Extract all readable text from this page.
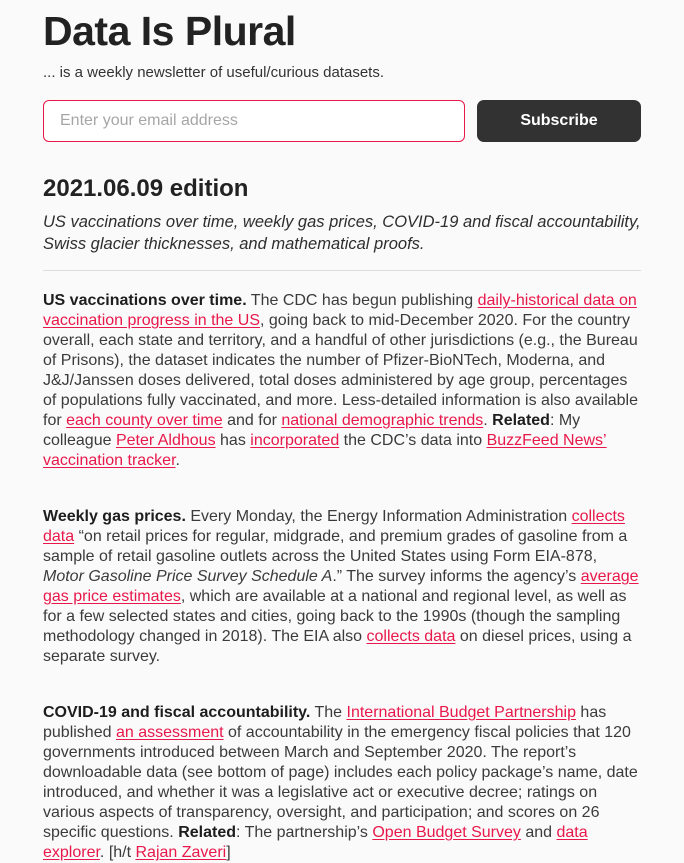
Data Is Plural

... is a weekly newsletter of useful/curious datasets.

Enter your email address
Subscribe
2021.06.09 edition

US vaccinations over time, weekly gas prices, COVID-19 and fiscal accountability, Swiss glacier thicknesses, and mathematical proofs.

US vaccinations over time. The CDC has begun publishing daily-historical data on vaccination progress in the US, going back to mid-December 2020. For the country overall, each state and territory, and a handful of other jurisdictions (e.g., the Bureau of Prisons), the dataset indicates the number of Pfizer-BioNTech, Moderna, and J&J/Janssen doses delivered, total doses administered by age group, percentages of populations fully vaccinated, and more. Less-detailed information is also available for each county over time and for national demographic trends. Related: My colleague Peter Aldhous has incorporated the CDC’s data into BuzzFeed News’ vaccination tracker.

Weekly gas prices. Every Monday, the Energy Information Administration collects data “on retail prices for regular, midgrade, and premium grades of gasoline from a sample of retail gasoline outlets across the United States using Form EIA-878, Motor Gasoline Price Survey Schedule A.” The survey informs the agency’s average gas price estimates, which are available at a national and regional level, as well as for a few selected states and cities, going back to the 1990s (though the sampling methodology changed in 2018). The EIA also collects data on diesel prices, using a separate survey.

COVID-19 and fiscal accountability. The International Budget Partnership has published an assessment of accountability in the emergency fiscal policies that 120 governments introduced between March and September 2020. The report’s downloadable data (see bottom of page) includes each policy package’s name, date introduced, and whether it was a legislative act or executive decree; ratings on various aspects of transparency, oversight, and participation; and scores on 26 specific questions. Related: The partnership’s Open Budget Survey and data explorer. [h/t Rajan Zaveri]
